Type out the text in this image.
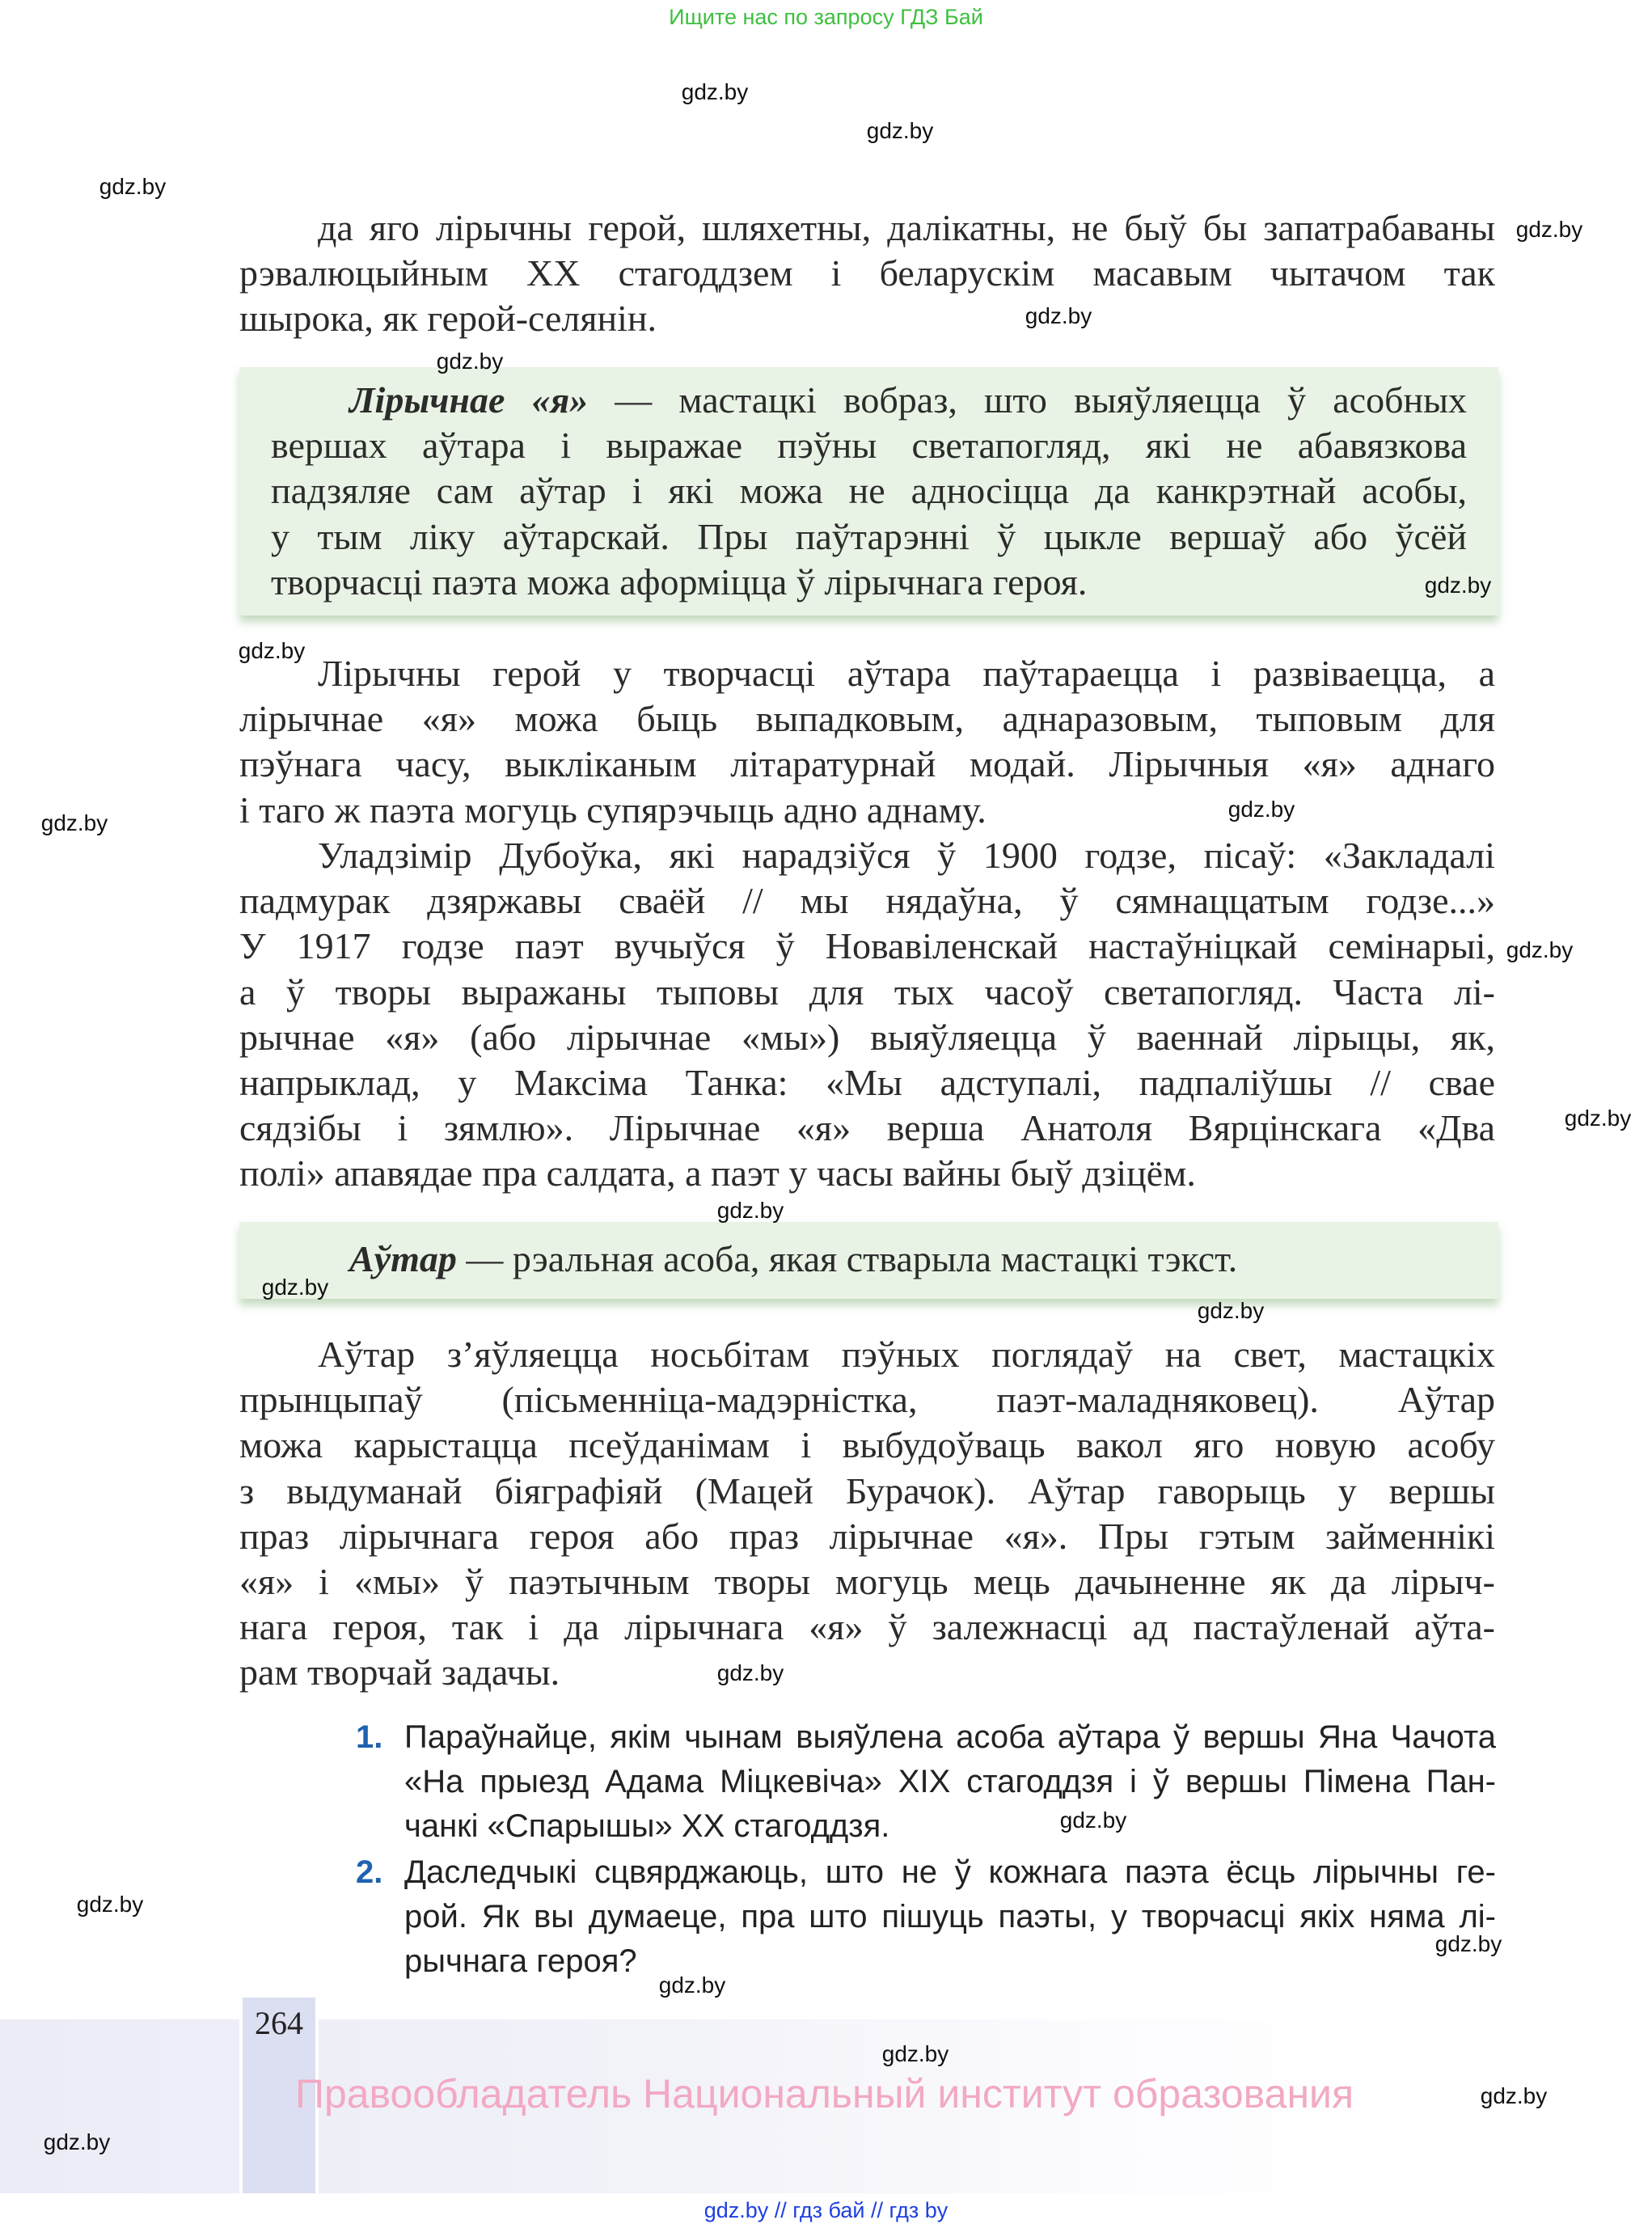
Ищите нас по запросу ГДЗ Бай
да яго лірычны герой, шляхетны, далікатны, не быў бы запатрабаваны
рэвалюцыйным XX стагоддзем і беларускім масавым чытачом так
шырока, як герой-селянін.
Лірычнае «я» — мастацкі вобраз, што выяўляецца ў асобных
вершах аўтара і выражае пэўны светапогляд, які не абавязкова
падзяляе сам аўтар і які можа не адносіцца да канкрэтнай асобы,
у тым ліку аўтарскай. Пры паўтарэнні ў цыкле вершаў або ўсёй
творчасці паэта можа аформіцца ў лірычнага героя.
Лірычны герой у творчасці аўтара паўтараецца і развіваецца, а
лірычнае «я» можа быць выпадковым, аднаразовым, тыповым для
пэўнага часу, выкліканым літаратурнай модай. Лірычныя «я» аднаго
і таго ж паэта могуць супярэчыць адно аднаму.
Уладзімір Дубоўка, які нарадзіўся ў 1900 годзе, пісаў: «Закладалі
падмурак дзяржавы сваёй // мы нядаўна, ў сямнаццатым годзе...»
У 1917 годзе паэт вучыўся ў Новавіленскай настаўніцкай семінарыі,
а ў творы выражаны тыповы для тых часоў светапогляд. Часта лі-
рычнае «я» (або лірычнае «мы») выяўляецца ў ваеннай лірыцы, як,
напрыклад, у Максіма Танка: «Мы адступалі, падпаліўшы // свае
сядзібы і зямлю». Лірычнае «я» верша Анатоля Вярцінскага «Два
полі» апавядае пра салдата, а паэт у часы вайны быў дзіцём.
Аўтар — рэальная асоба, якая стварыла мастацкі тэкст.
Аўтар з’яўляецца носьбітам пэўных поглядаў на свет, мастацкіх
прынцыпаў (пісьменніца-мадэрністка, паэт-маладняковец). Аўтар
можа карыстацца псеўданімам і выбудоўваць вакол яго новую асобу
з выдуманай біяграфіяй (Мацей Бурачок). Аўтар гаворыць у вершы
праз лірычнага героя або праз лірычнае «я». Пры гэтым займеннікі
«я» і «мы» ў паэтычным творы могуць мець дачыненне як да лірыч-
нага героя, так і да лірычнага «я» ў залежнасці ад пастаўленай аўта-
рам творчай задачы.
1. Параўнайце, якім чынам выяўлена асоба аўтара ў вершы Яна Чачота
«На прыезд Адама Міцкевіча» XIX стагоддзя і ў вершы Пімена Пан-
чанкі «Спарышы» XX стагоддзя.
2. Даследчыкі сцвярджаюць, што не ў кожнага паэта ёсць лірычны ге-
рой. Як вы думаеце, пра што пішуць паэты, у творчасці якіх няма лі-
рычнага героя?
264
Правообладатель Национальный институт образования
gdz.by // гдз бай // гдз by
gdz.by
gdz.by
gdz.by
gdz.by
gdz.by
gdz.by
gdz.by
gdz.by
gdz.by
gdz.by
gdz.by
gdz.by
gdz.by
gdz.by
gdz.by
gdz.by
gdz.by
gdz.by
gdz.by
gdz.by
gdz.by
gdz.by
gdz.by
